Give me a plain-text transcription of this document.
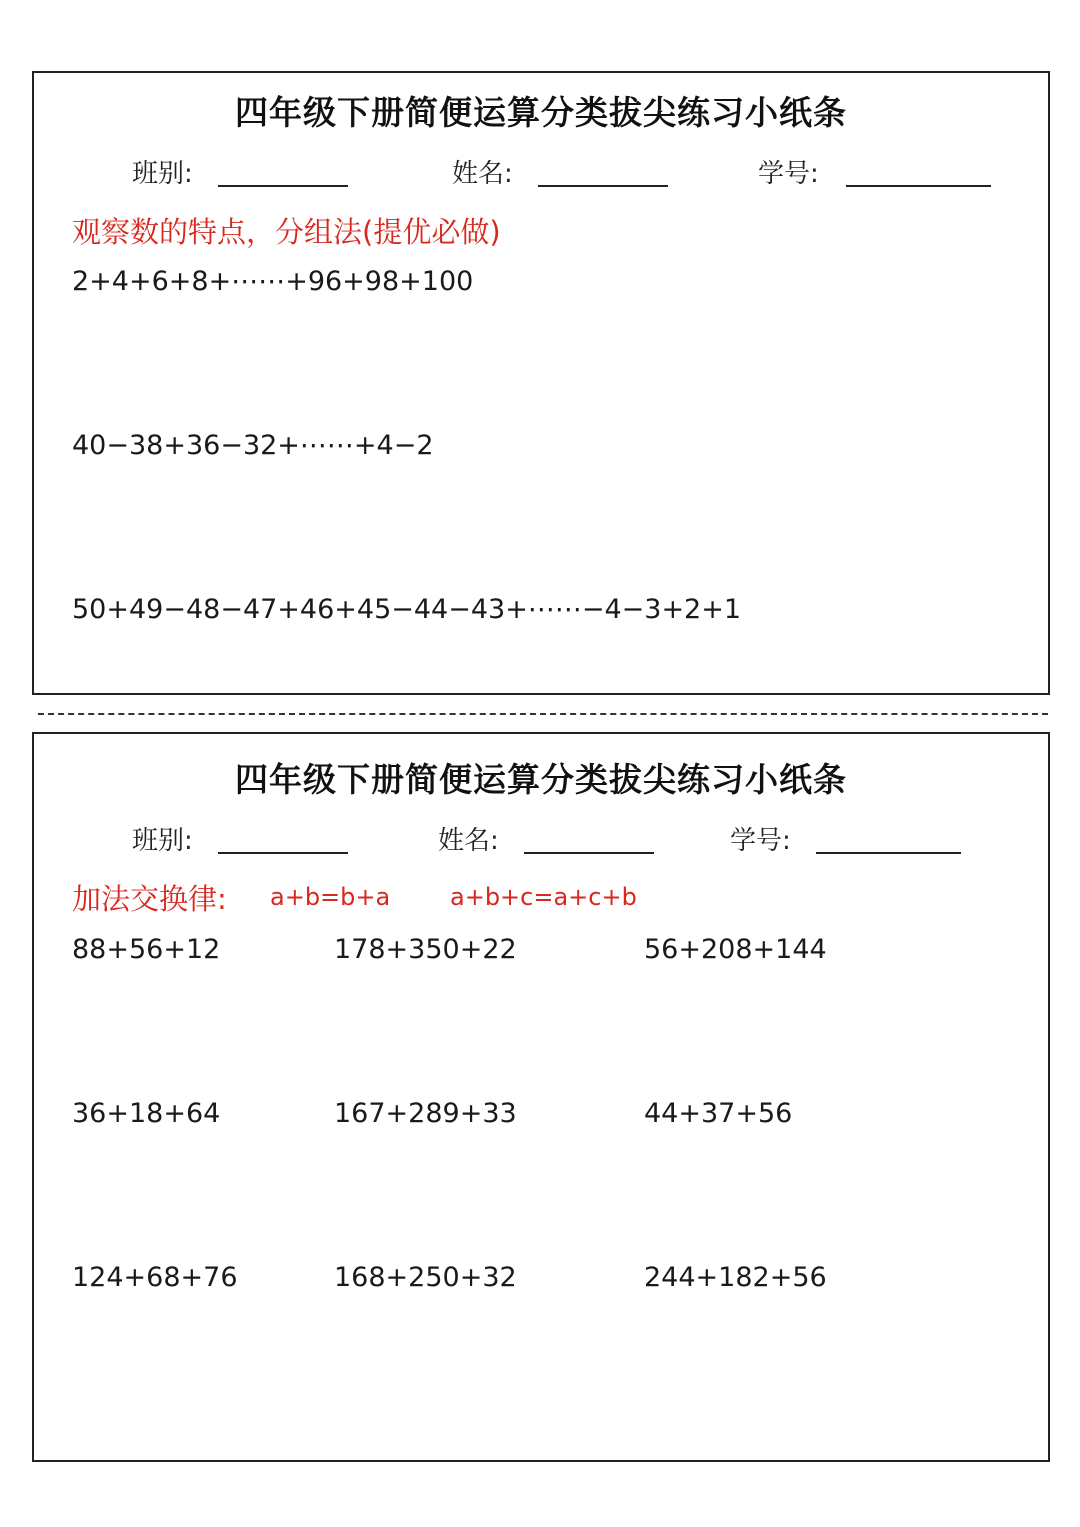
四年级下册简便运算分类拔尖练习小纸条
班别:	姓名:	学号:
观察数的特点，分组法(提优必做)
2+4+6+8+⋯⋯+96+98+100
40−38+36−32+⋯⋯+4−2
50+49−48−47+46+45−44−43+⋯⋯−4−3+2+1
四年级下册简便运算分类拔尖练习小纸条
班别:	姓名:	学号:
加法交换律: a+b=b+a a+b+c=a+c+b
88+56+12	178+350+22	56+208+144
36+18+64	167+289+33	44+37+56
124+68+76	168+250+32	244+182+56
